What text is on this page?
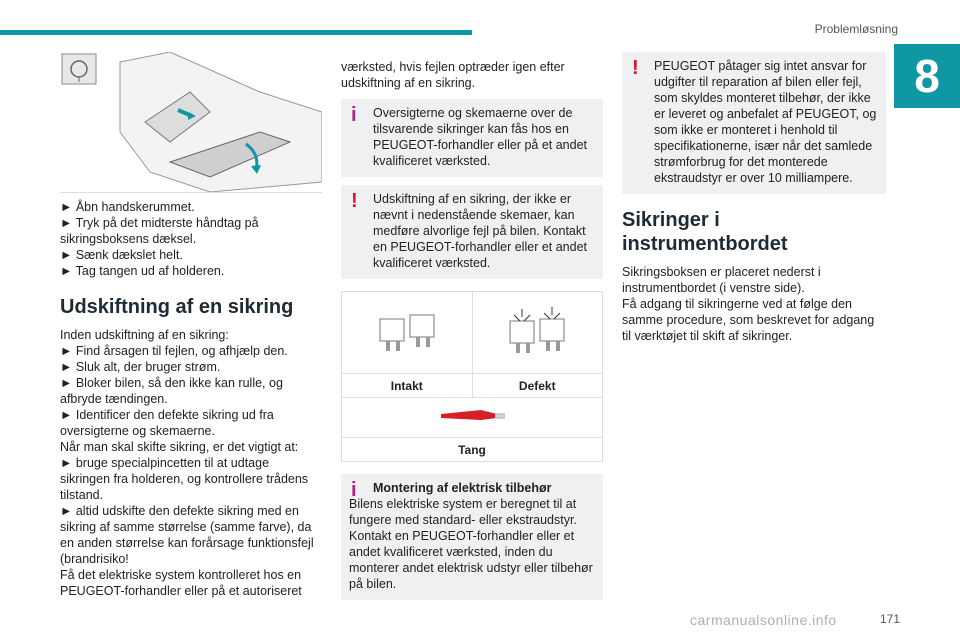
Problemløsning
8

► Åbn handskerummet.

► Tryk på det midterste håndtag på sikringsboksens dæksel.

► Sænk dækslet helt.

► Tag tangen ud af holderen.

Udskiftning af en sikring

Inden udskiftning af en sikring:

► Find årsagen til fejlen, og afhjælp den.

► Sluk alt, der bruger strøm.

► Bloker bilen, så den ikke kan rulle, og afbryde tændingen.

► Identificer den defekte sikring ud fra oversigterne og skemaerne.

Når man skal skifte sikring, er det vigtigt at:

► bruge specialpincetten til at udtage sikringen fra holderen, og kontrollere trådens tilstand.

► altid udskifte den defekte sikring med en sikring af samme størrelse (samme farve), da en anden størrelse kan forårsage funktionsfejl (brandrisiko!

Få det elektriske system kontrolleret hos en PEUGEOT-forhandler eller på et autoriseret

værksted, hvis fejlen optræder igen efter udskiftning af en sikring.

i	Oversigterne og skemaerne over de tilsvarende sikringer kan fås hos en PEUGEOT-forhandler eller på et andet kvalificeret værksted.

!	Udskiftning af en sikring, der ikke er nævnt i nedenstående skemaer, kan medføre alvorlige fejl på bilen. Kontakt en PEUGEOT-forhandler eller et andet kvalificeret værksted.

Intakt	Defekt

Tang	
i	Montering af elektrisk tilbehør

Bilens elektriske system er beregnet til at fungere med standard- eller ekstraudstyr. Kontakt en PEUGEOT-forhandler eller et andet kvalificeret værksted, inden du monterer andet elektrisk udstyr eller tilbehør på bilen.

!	PEUGEOT påtager sig intet ansvar for udgifter til reparation af bilen eller fejl, som skyldes monteret tilbehør, der ikke er leveret og anbefalet af PEUGEOT, og som ikke er monteret i henhold til specifikationerne, især når det samlede strømforbrug for det monterede ekstraudstyr er over 10 milliampere.

Sikringer i instrumentbordet

Sikringsboksen er placeret nederst i instrumentbordet (i venstre side).

Få adgang til sikringerne ved at følge den samme procedure, som beskrevet for adgang til værktøjet til skift af sikringer.

carmanualsonline.info	171
